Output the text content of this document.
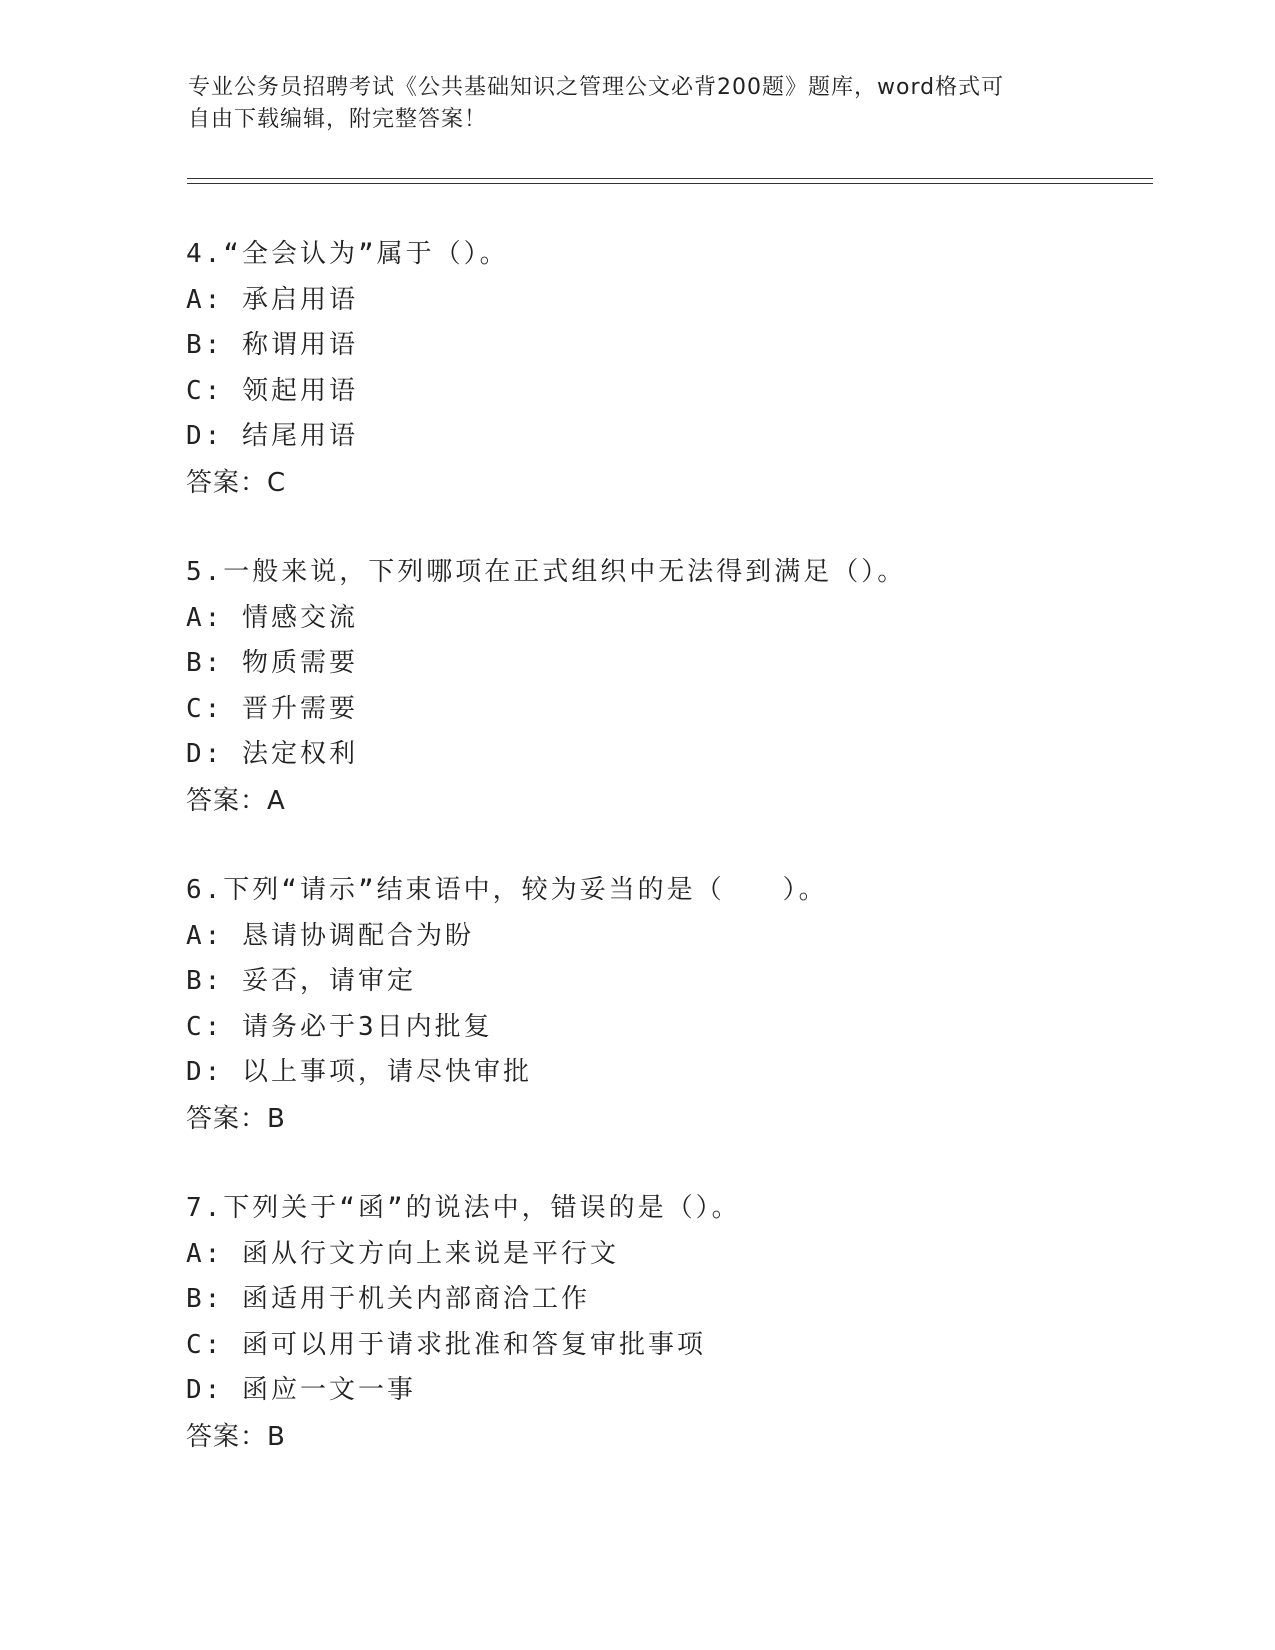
专业公务员招聘考试《公共基础知识之管理公文必背200题》题库，word格式可
自由下载编辑，附完整答案！
4.“全会认为”属于（）。
A: 承启用语
B: 称谓用语
C: 领起用语
D: 结尾用语
答案：C
5.一般来说，下列哪项在正式组织中无法得到满足（）。
A: 情感交流
B: 物质需要
C: 晋升需要
D: 法定权利
答案：A
6.下列“请示”结束语中，较为妥当的是（　　）。
A: 恳请协调配合为盼
B: 妥否，请审定
C: 请务必于3日内批复
D: 以上事项，请尽快审批
答案：B
7.下列关于“函”的说法中，错误的是（）。
A: 函从行文方向上来说是平行文
B: 函适用于机关内部商洽工作
C: 函可以用于请求批准和答复审批事项
D: 函应一文一事
答案：B
